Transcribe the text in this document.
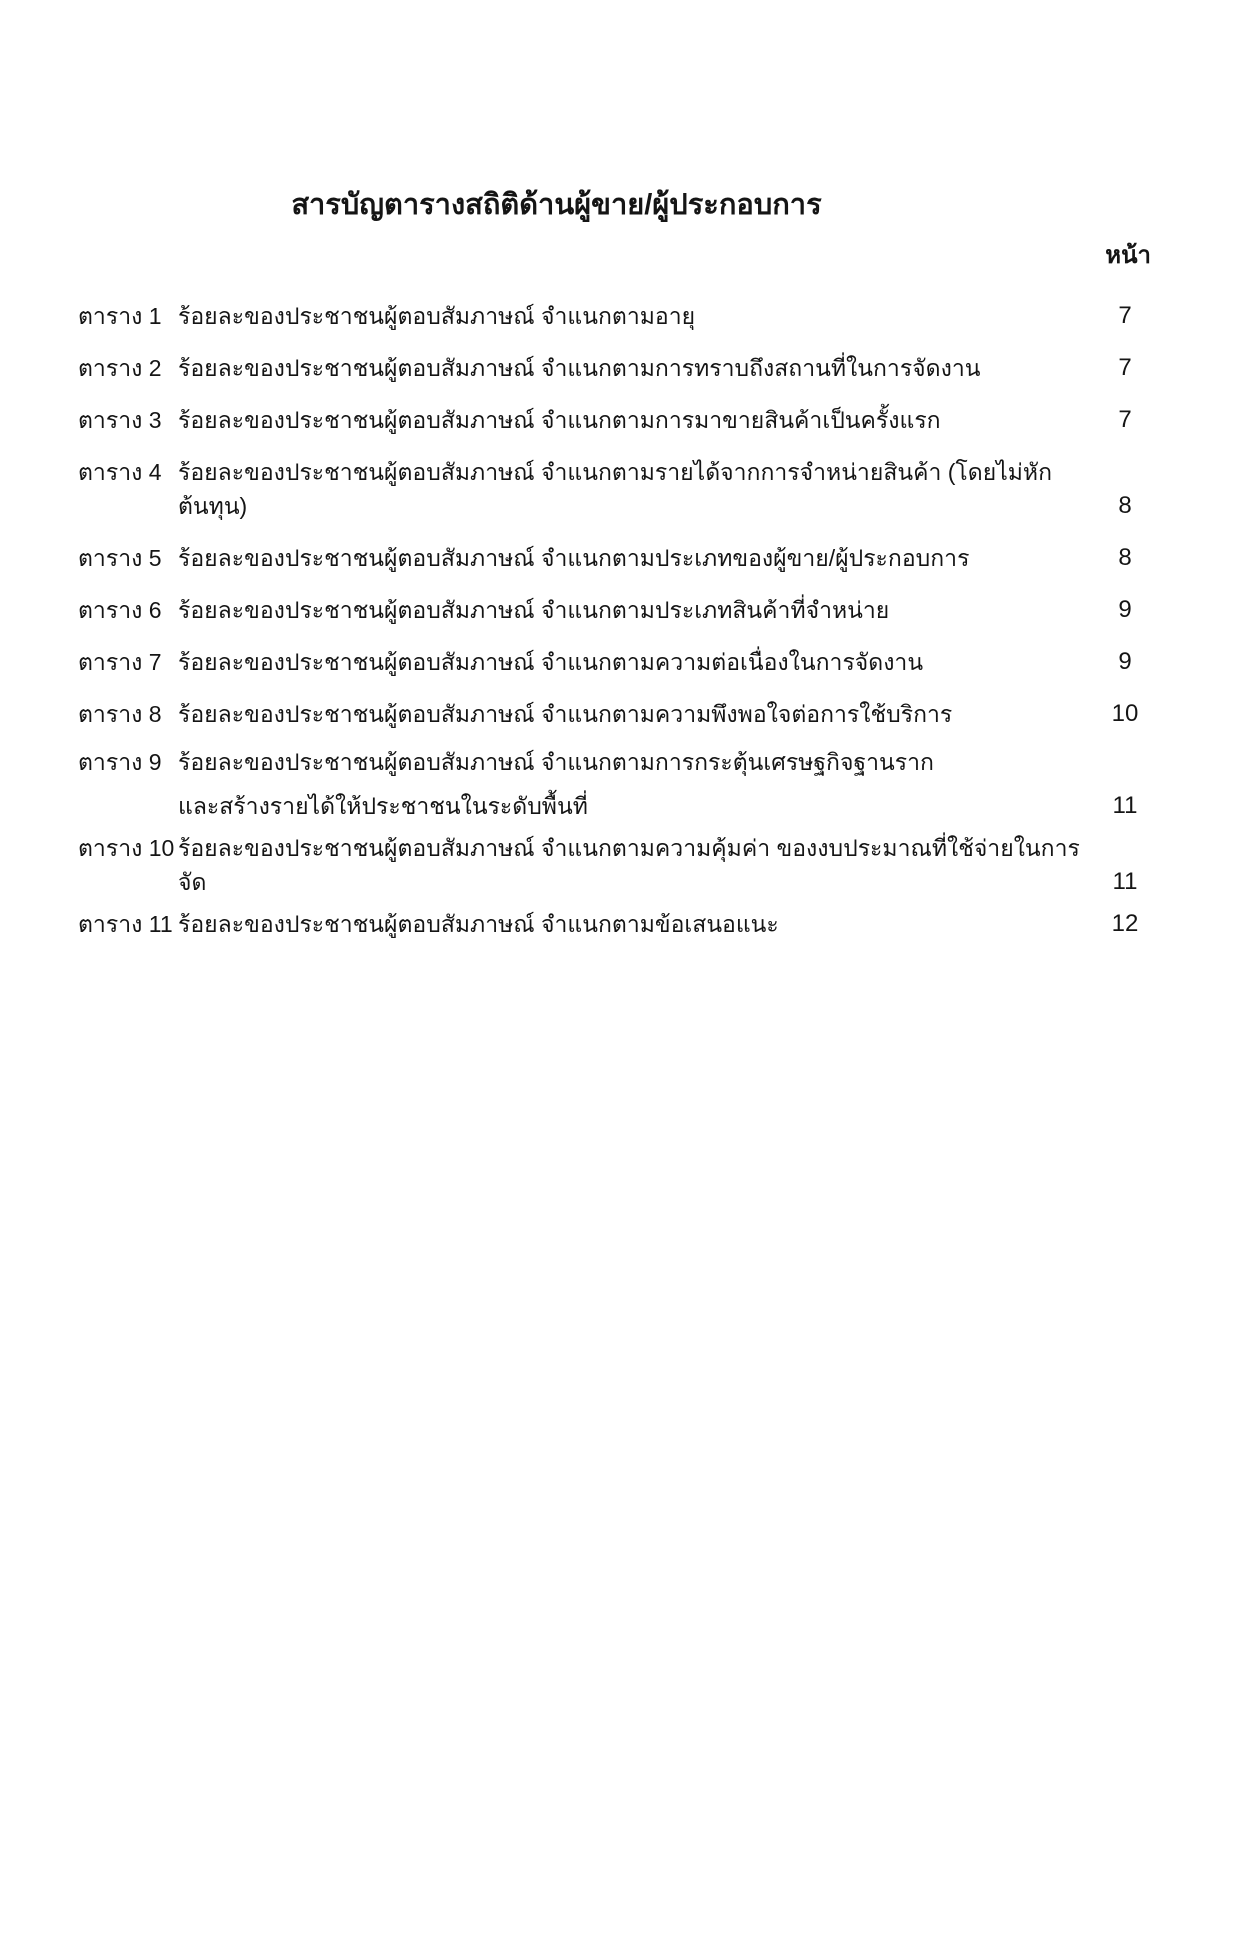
สารบัญตารางสถิติด้านผู้ขาย/ผู้ประกอบการ
หน้า
ตาราง 1 ร้อยละของประชาชนผู้ตอบสัมภาษณ์ จำแนกตามอายุ	7
ตาราง 2 ร้อยละของประชาชนผู้ตอบสัมภาษณ์ จำแนกตามการทราบถึงสถานที่ในการจัดงาน	7
ตาราง 3 ร้อยละของประชาชนผู้ตอบสัมภาษณ์ จำแนกตามการมาขายสินค้าเป็นครั้งแรก	7
ตาราง 4 ร้อยละของประชาชนผู้ตอบสัมภาษณ์ จำแนกตามรายได้จากการจำหน่ายสินค้า (โดยไม่หักต้นทุน)	8
ตาราง 5 ร้อยละของประชาชนผู้ตอบสัมภาษณ์ จำแนกตามประเภทของผู้ขาย/ผู้ประกอบการ	8
ตาราง 6 ร้อยละของประชาชนผู้ตอบสัมภาษณ์ จำแนกตามประเภทสินค้าที่จำหน่าย	9
ตาราง 7 ร้อยละของประชาชนผู้ตอบสัมภาษณ์ จำแนกตามความต่อเนื่องในการจัดงาน	9
ตาราง 8 ร้อยละของประชาชนผู้ตอบสัมภาษณ์ จำแนกตามความพึงพอใจต่อการใช้บริการ	10
ตาราง 9 ร้อยละของประชาชนผู้ตอบสัมภาษณ์ จำแนกตามการกระตุ้นเศรษฐกิจฐานราก
และสร้างรายได้ให้ประชาชนในระดับพื้นที่	11
ตาราง 10 ร้อยละของประชาชนผู้ตอบสัมภาษณ์ จำแนกตามความคุ้มค่า ของงบประมาณที่ใช้จ่ายในการจัด	11
ตาราง 11 ร้อยละของประชาชนผู้ตอบสัมภาษณ์ จำแนกตามข้อเสนอแนะ	12
